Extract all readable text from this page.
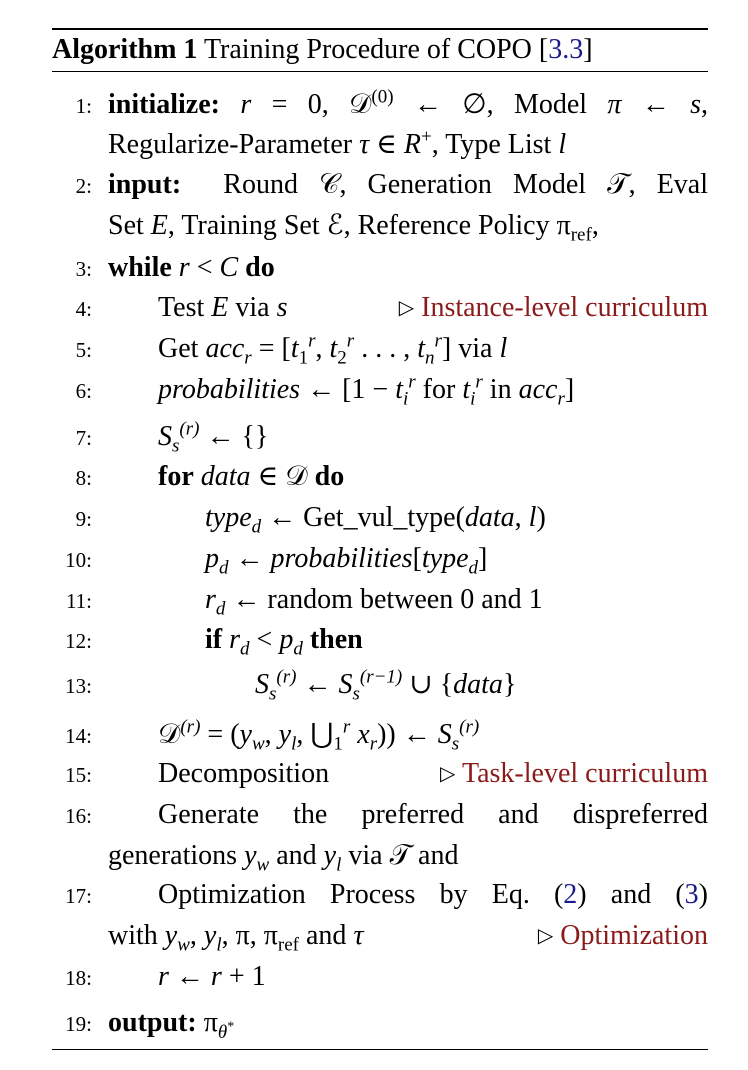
Algorithm 1 Training Procedure of COPO [3.3]
1:
2:
3:
4:
5:
6:
7:
8:
9:
10:
11:
12:
13:
14:
15:
16:
17:
18:
19:
initialize: r = 0, 𝒟$^{(0)}$ ← ∅, Model π ← s,
Regularize-Parameter τ ∈ R+, Type List l
input: Round 𝒞, Generation Model 𝒯, Eval
Set E, Training Set ℰ, Reference Policy $\pi_{ref}$,
while r < C do
Test E via s	▷ Instance-level curriculum
Get $acc_r = [t_1^r$, $t_2^r$ . . . , $t_n^r$] via l
probabilities ← [$1 - t_i^r$ for $t_i^r$ in acc$_r$]
$S_s^{(r)}$ ← {}
for data ∈ 𝒟 do
type$_d$ ← Get_vul_type(data, l)
$p_d$ ← probabilities[type$_d$]
$r_d$ ← random between 0 and 1
if $r_d < p_d$ then
$S_s^{(r)}$ ← $S_s^{(r-1)}$ ∪ {data}
𝒟$^{(r)}$ = ($y_w$, $y_l$, $⋃_1^r$ $x_r$)) ← $S_s^{(r)}$
Decomposition	▷ Task-level curriculum
Generate the preferred and dispreferred
generations $y_w$ and $y_l$ via 𝒯 and
Optimization Process by Eq. (2) and (3)
with $y_w$, $y_l$, π, $\pi_{ref}$ and τ	▷ Optimization
r ← r + 1
output: $\pi_{\theta^*}$
